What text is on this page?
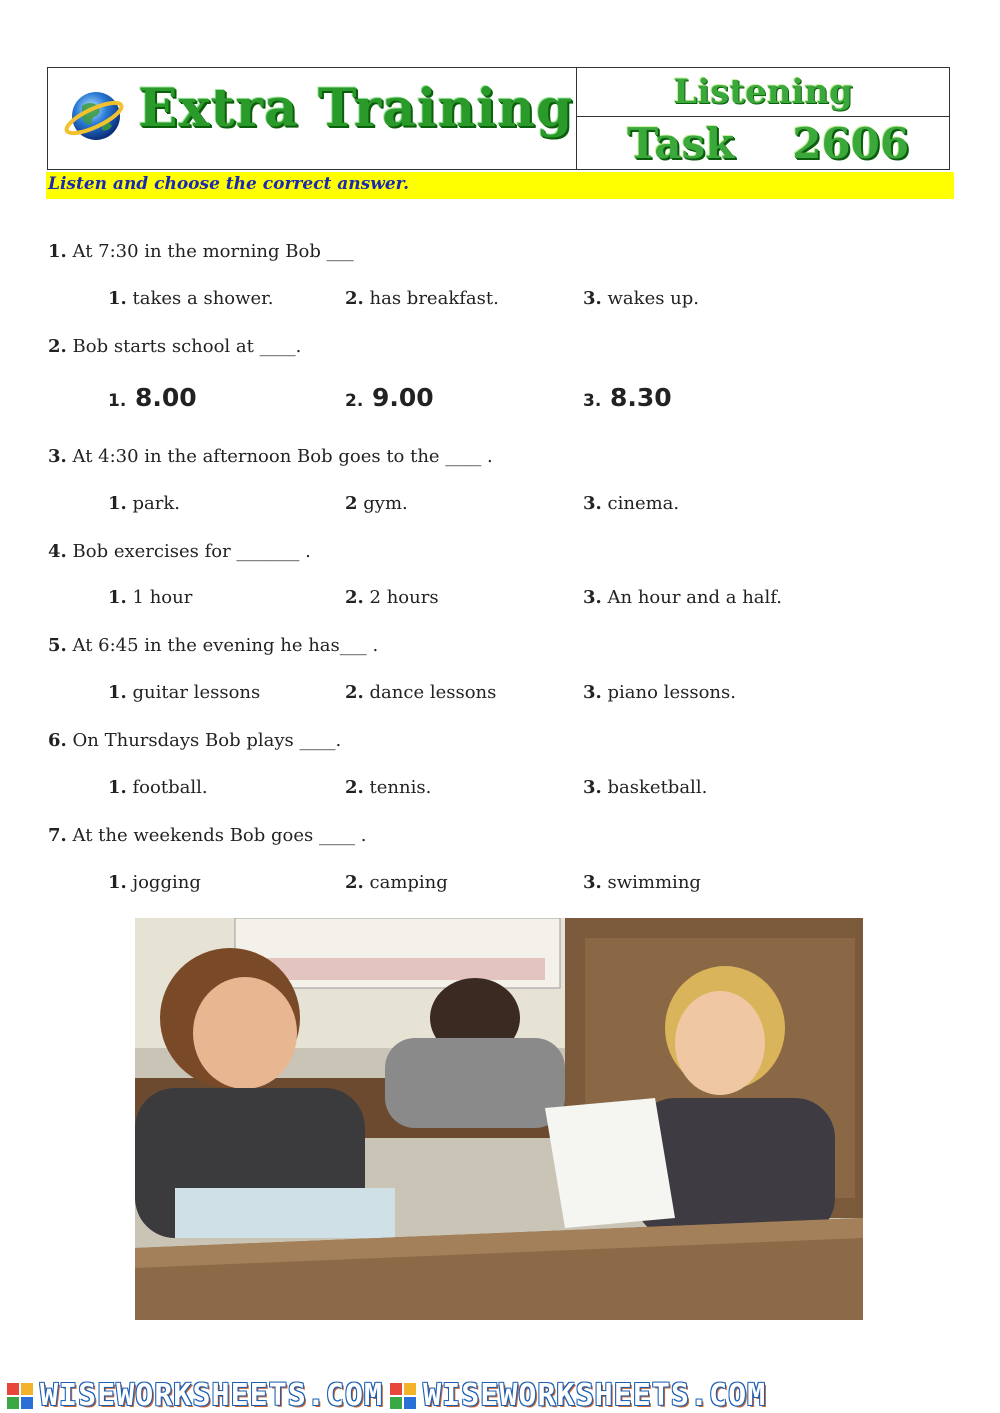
Extra Training	Listening
Task 2606
Listen and choose the correct answer.
1. At 7:30 in the morning Bob ___
1. takes a shower.	2. has breakfast.	3. wakes up.
2. Bob starts school at ____.
1. 8.00	2. 9.00	3. 8.30
3. At 4:30 in the afternoon Bob goes to the ____ .
1. park.	2 gym.	3. cinema.
4. Bob exercises for _______ .
1. 1 hour	2. 2 hours	3. An hour and a half.
5. At 6:45 in the evening he has___ .
1. guitar lessons	2. dance lessons	3. piano lessons.
6. On Thursdays Bob plays ____.
1. football.	2. tennis.	3. basketball.
7. At the weekends Bob goes ____ .
1. jogging	2. camping	3. swimming
WISEWORKSHEETS.COM WISEWORKSHEETS.COM
